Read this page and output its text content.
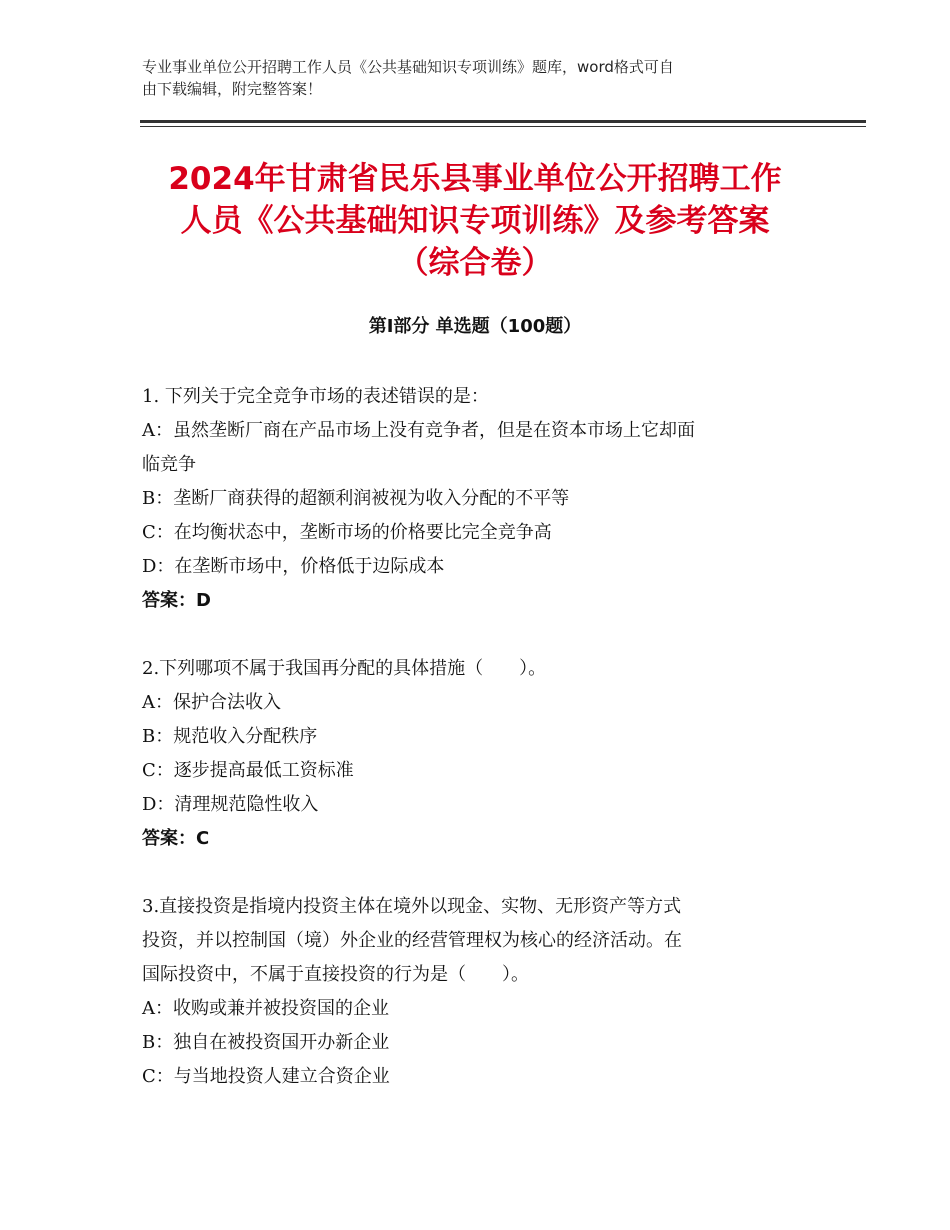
专业事业单位公开招聘工作人员《公共基础知识专项训练》题库，word格式可自
由下载编辑，附完整答案！
2024年甘肃省民乐县事业单位公开招聘工作
人员《公共基础知识专项训练》及参考答案
（综合卷）
第Ⅰ部分 单选题（100题）

1. 下列关于完全竞争市场的表述错误的是：

A：虽然垄断厂商在产品市场上没有竞争者，但是在资本市场上它却面

临竞争

B：垄断厂商获得的超额利润被视为收入分配的不平等

C：在均衡状态中，垄断市场的价格要比完全竞争高

D：在垄断市场中，价格低于边际成本

答案：D

2.下列哪项不属于我国再分配的具体措施（　　）。

A：保护合法收入

B：规范收入分配秩序

C：逐步提高最低工资标准

D：清理规范隐性收入

答案：C

3.直接投资是指境内投资主体在境外以现金、实物、无形资产等方式

投资，并以控制国（境）外企业的经营管理权为核心的经济活动。在

国际投资中，不属于直接投资的行为是（　　）。

A：收购或兼并被投资国的企业

B：独自在被投资国开办新企业

C：与当地投资人建立合资企业
